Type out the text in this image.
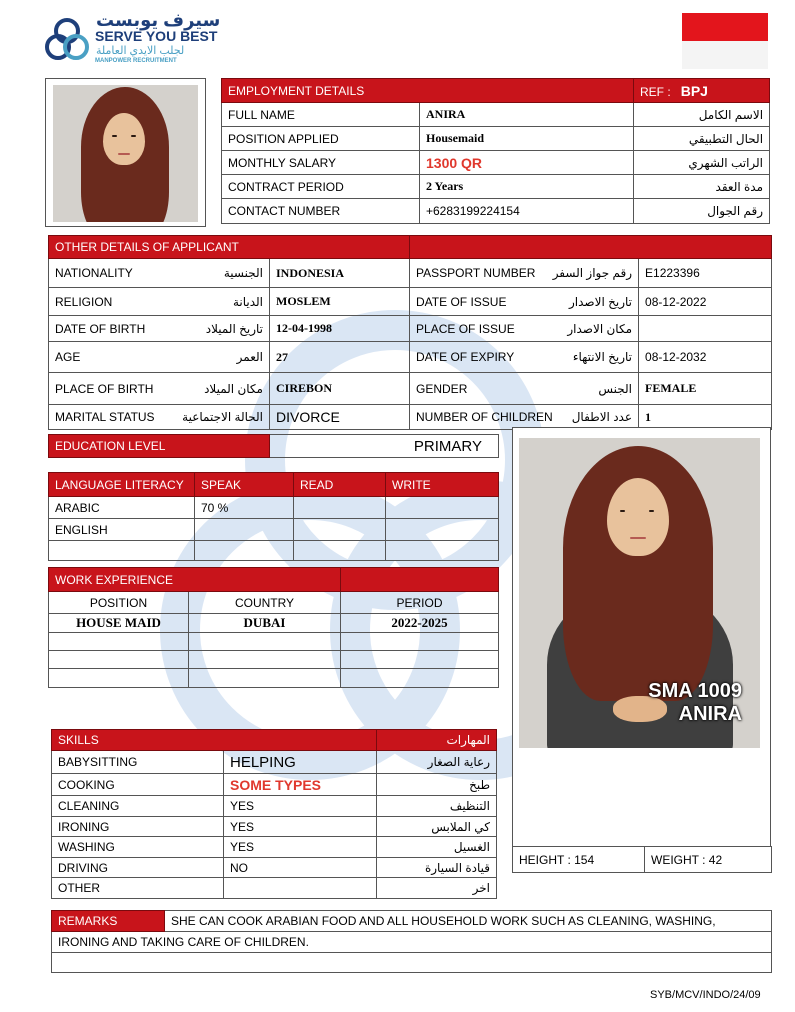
سيرف يوبست
SERVE YOU BEST
لجلب الايدي العاملة
MANPOWER RECRUITMENT
EMPLOYMENT DETAILS		REF : BPJ
FULL NAME	ANIRA	الاسم الكامل
POSITION APPLIED	Housemaid	الحال التطبيقي
MONTHLY SALARY	1300 QR	الراتب الشهري
CONTRACT PERIOD	2 Years	مدة العقد
CONTACT NUMBER	+6283199224154	رقم الجوال
OTHER DETAILS OF APPLICANT			

NATIONALITY الجنسية	INDONESIA	PASSPORT NUMBER رقم جواز السفر	E1223396

RELIGION الديانة	MOSLEM	DATE OF ISSUE تاريخ الاصدار	08-12-2022

DATE OF BIRTH تاريخ الميلاد	12-04-1998	PLACE OF ISSUE مكان الاصدار	

AGE العمر	27	DATE OF EXPIRY تاريخ الانتهاء	08-12-2032

PLACE OF BIRTH مكان الميلاد	CIREBON	GENDER الجنس	FEMALE

MARITAL STATUS الحالة الاجتماعية	DIVORCE	NUMBER OF CHILDREN عدد الاطفال	1
EDUCATION LEVEL	PRIMARY
LANGUAGE LITERACY	SPEAK	READ	WRITE
ARABIC	70 %		
ENGLISH			

WORK EXPERIENCE		
POSITION	COUNTRY	PERIOD
HOUSE MAID	DUBAI	2022-2025

SKILLS		المهارات
BABYSITTING	HELPING	رعاية الصغار
COOKING	SOME TYPES	طبخ
CLEANING	YES	التنظيف
IRONING	YES	كي الملابس
WASHING	YES	الغسيل
DRIVING	NO	قيادة السيارة
OTHER		اخر
SMA 1009
ANIRA
HEIGHT : 154	WEIGHT : 42
REMARKS	SHE CAN COOK ARABIAN FOOD AND ALL HOUSEHOLD WORK SUCH AS CLEANING, WASHING,
IRONING AND TAKING CARE OF CHILDREN.

SYB/MCV/INDO/24/09
